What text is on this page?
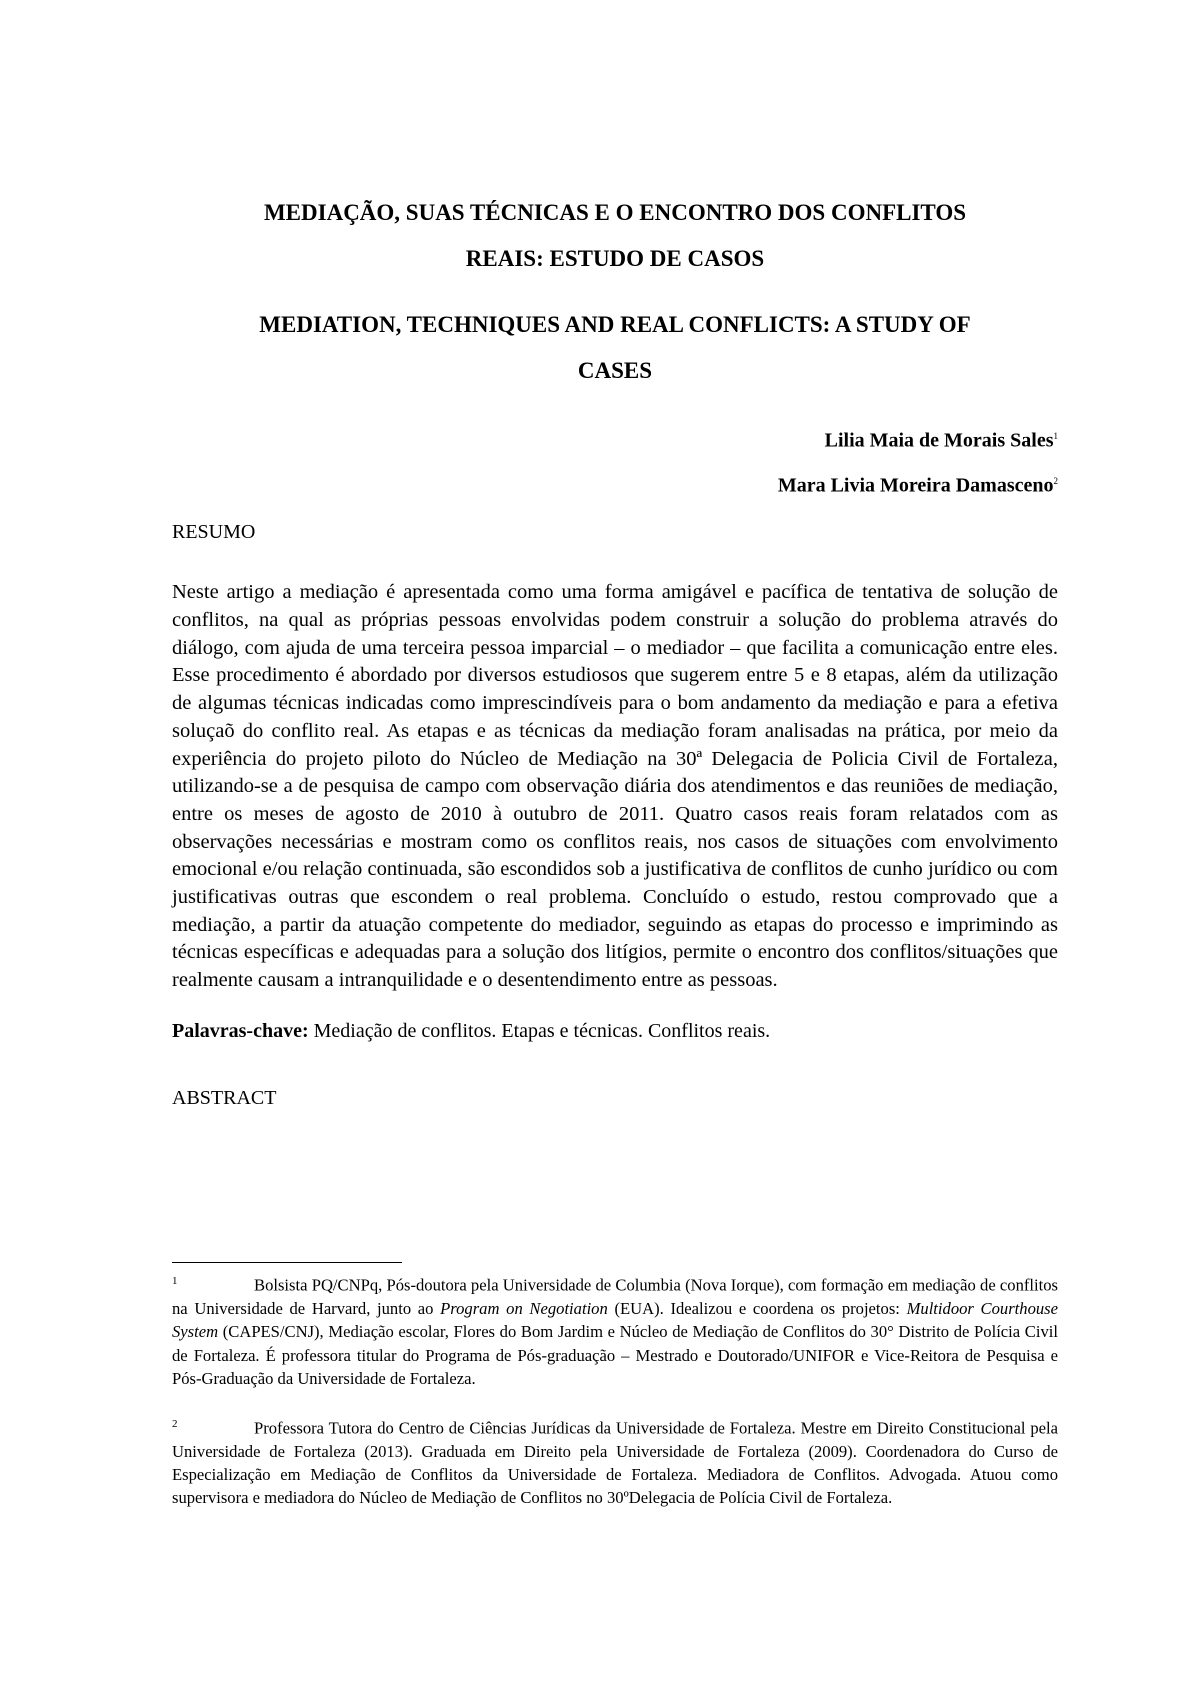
MEDIAÇÃO, SUAS TÉCNICAS E O ENCONTRO DOS CONFLITOS
REAIS: ESTUDO DE CASOS
MEDIATION, TECHNIQUES AND REAL CONFLICTS: A STUDY OF
CASES
Lilia Maia de Morais Sales$^1$
Mara Livia Moreira Damasceno$^2$

RESUMO

Neste artigo a mediação é apresentada como uma forma amigável e pacífica de tentativa de solução de conflitos, na qual as próprias pessoas envolvidas podem construir a solução do problema através do diálogo, com ajuda de uma terceira pessoa imparcial – o mediador – que facilita a comunicação entre eles. Esse procedimento é abordado por diversos estudiosos que sugerem entre 5 e 8 etapas, além da utilização de algumas técnicas indicadas como imprescindíveis para o bom andamento da mediação e para a efetiva soluçaõ do conflito real. As etapas e as técnicas da mediação foram analisadas na prática, por meio da experiência do projeto piloto do Núcleo de Mediação na 30ª Delegacia de Policia Civil de Fortaleza, utilizando-se a de pesquisa de campo com observação diária dos atendimentos e das reuniões de mediação, entre os meses de agosto de 2010 à outubro de 2011. Quatro casos reais foram relatados com as observações necessárias e mostram como os conflitos reais, nos casos de situações com envolvimento emocional e/ou relação continuada, são escondidos sob a justificativa de conflitos de cunho jurídico ou com justificativas outras que escondem o real problema. Concluído o estudo, restou comprovado que a mediação, a partir da atuação competente do mediador, seguindo as etapas do processo e imprimindo as técnicas específicas e adequadas para a solução dos litígios, permite o encontro dos conflitos/situações que realmente causam a intranquilidade e o desentendimento entre as pessoas.

Palavras-chave: Mediação de conflitos. Etapas e técnicas. Conflitos reais.

ABSTRACT

1	Bolsista PQ/CNPq, Pós-doutora pela Universidade de Columbia (Nova Iorque), com formação em mediação de conflitos na Universidade de Harvard, junto ao Program on Negotiation (EUA). Idealizou e coordena os projetos: Multidoor Courthouse System (CAPES/CNJ), Mediação escolar, Flores do Bom Jardim e Núcleo de Mediação de Conflitos do 30° Distrito de Polícia Civil de Fortaleza. É professora titular do Programa de Pós-graduação – Mestrado e Doutorado/UNIFOR e Vice-Reitora de Pesquisa e Pós-Graduação da Universidade de Fortaleza.

2	Professora Tutora do Centro de Ciências Jurídicas da Universidade de Fortaleza. Mestre em Direito Constitucional pela Universidade de Fortaleza (2013). Graduada em Direito pela Universidade de Fortaleza (2009). Coordenadora do Curso de Especialização em Mediação de Conflitos da Universidade de Fortaleza. Mediadora de Conflitos. Advogada. Atuou como supervisora e mediadora do Núcleo de Mediação de Conflitos no 30ºDelegacia de Polícia Civil de Fortaleza.
